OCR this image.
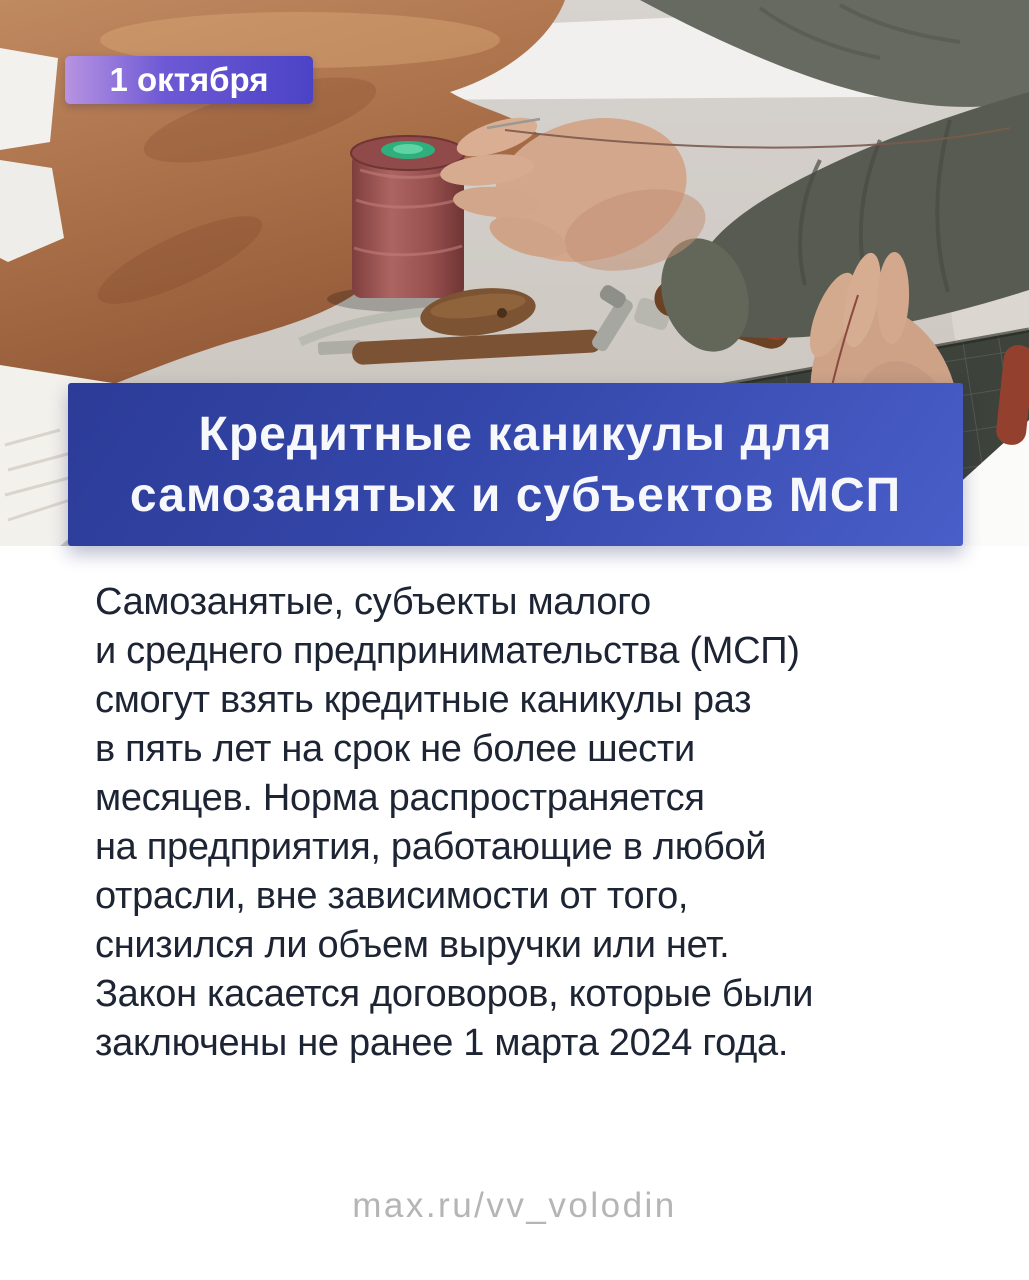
1 октября
Кредитные каникулы для
самозанятых и субъектов МСП
Самозанятые, субъекты малого
и среднего предпринимательства (МСП)
смогут взять кредитные каникулы раз
в пять лет на срок не более шести
месяцев. Норма распространяется
на предприятия, работающие в любой
отрасли, вне зависимости от того,
снизился ли объем выручки или нет.
Закон касается договоров, которые были
заключены не ранее 1 марта 2024 года.
max.ru/vv_volodin
